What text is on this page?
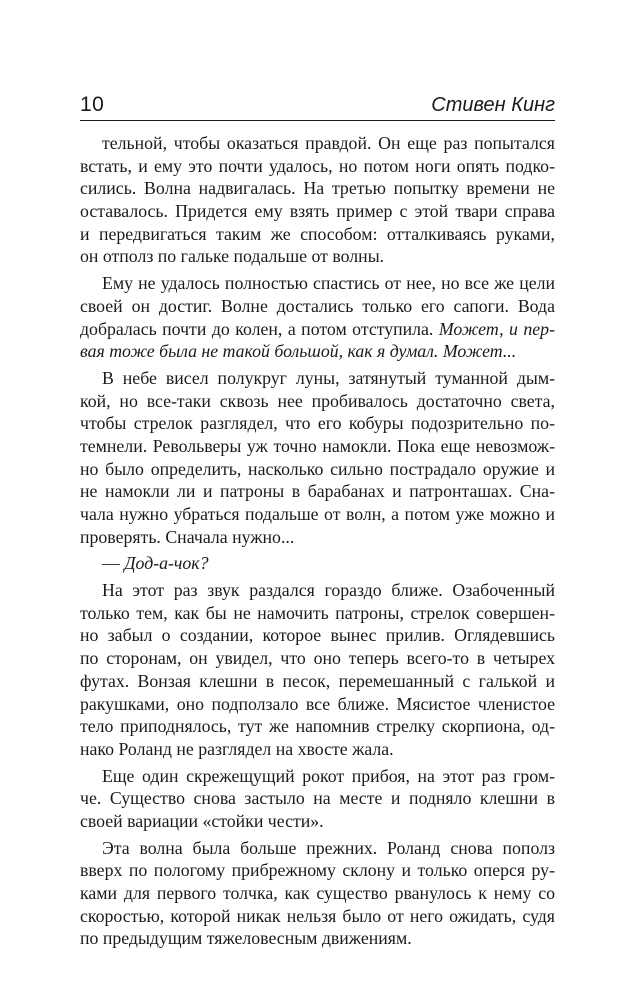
10	Стивен Кинг
тельной, чтобы оказаться правдой. Он еще раз попытался
встать, и ему это почти удалось, но потом ноги опять подко-
сились. Волна надвигалась. На третью попытку времени не
оставалось. Придется ему взять пример с этой твари справа
и передвигаться таким же способом: отталкиваясь руками,
он отполз по гальке подальше от волны.
Ему не удалось полностью спастись от нее, но все же цели
своей он достиг. Волне достались только его сапоги. Вода
добралась почти до колен, а потом отступила. Может, и пер-
вая тоже была не такой большой, как я думал. Может...
В небе висел полукруг луны, затянутый туманной дым-
кой, но все-таки сквозь нее пробивалось достаточно света,
чтобы стрелок разглядел, что его кобуры подозрительно по-
темнели. Револьверы уж точно намокли. Пока еще невозмож-
но было определить, насколько сильно пострадало оружие и
не намокли ли и патроны в барабанах и патронташах. Сна-
чала нужно убраться подальше от волн, а потом уже можно и
проверять. Сначала нужно...
— Дод-а-чок?
На этот раз звук раздался гораздо ближе. Озабоченный
только тем, как бы не намочить патроны, стрелок совершен-
но забыл о создании, которое вынес прилив. Оглядевшись
по сторонам, он увидел, что оно теперь всего-то в четырех
футах. Вонзая клешни в песок, перемешанный с галькой и
ракушками, оно подползало все ближе. Мясистое членистое
тело приподнялось, тут же напомнив стрелку скорпиона, од-
нако Роланд не разглядел на хвосте жала.
Еще один скрежещущий рокот прибоя, на этот раз гром-
че. Существо снова застыло на месте и подняло клешни в
своей вариации «стойки чести».
Эта волна была больше прежних. Роланд снова пополз
вверх по пологому прибрежному склону и только оперся ру-
ками для первого толчка, как существо рванулось к нему со
скоростью, которой никак нельзя было от него ожидать, судя
по предыдущим тяжеловесным движениям.
